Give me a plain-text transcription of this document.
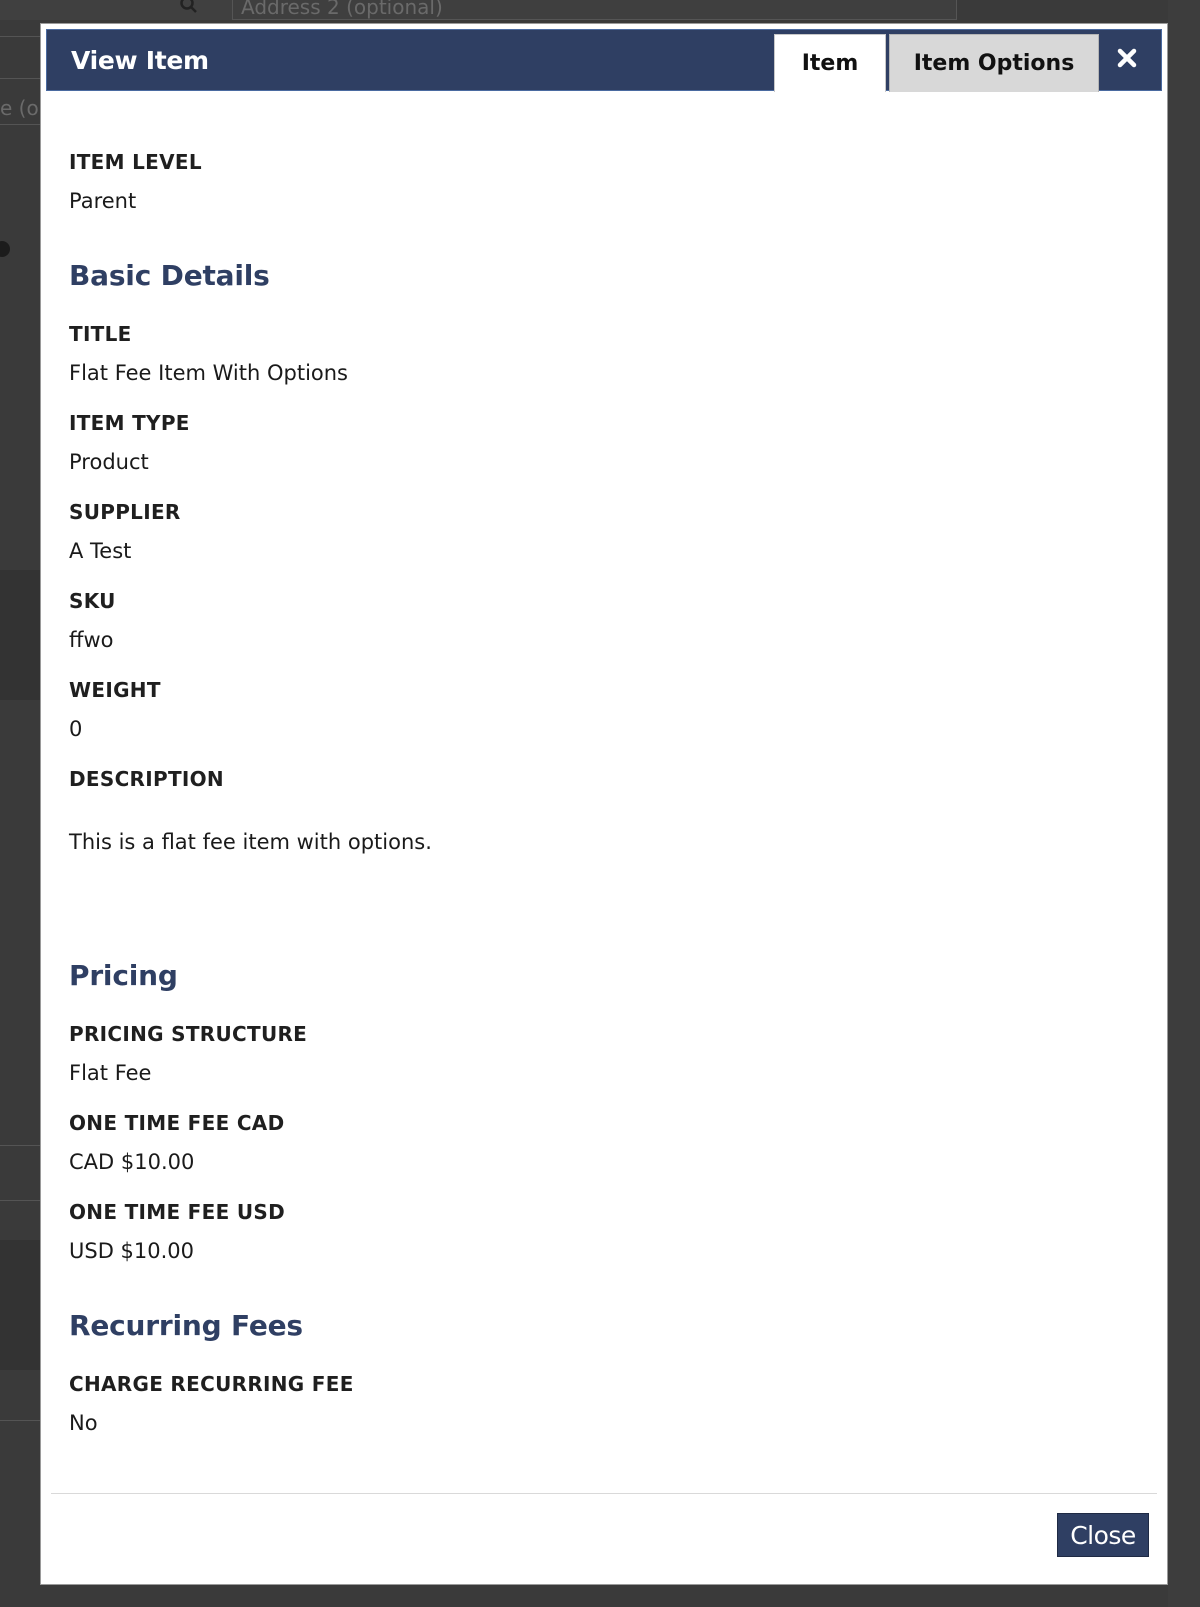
Address 2 (optional)
e (o
View Item	Item	Item Options
ITEM LEVEL
Parent
Basic Details
TITLE
Flat Fee Item With Options
ITEM TYPE
Product
SUPPLIER
A Test
SKU
ffwo
WEIGHT
0
DESCRIPTION
This is a flat fee item with options.
Pricing
PRICING STRUCTURE
Flat Fee
ONE TIME FEE CAD
CAD $10.00
ONE TIME FEE USD
USD $10.00
Recurring Fees
CHARGE RECURRING FEE
No
Close
